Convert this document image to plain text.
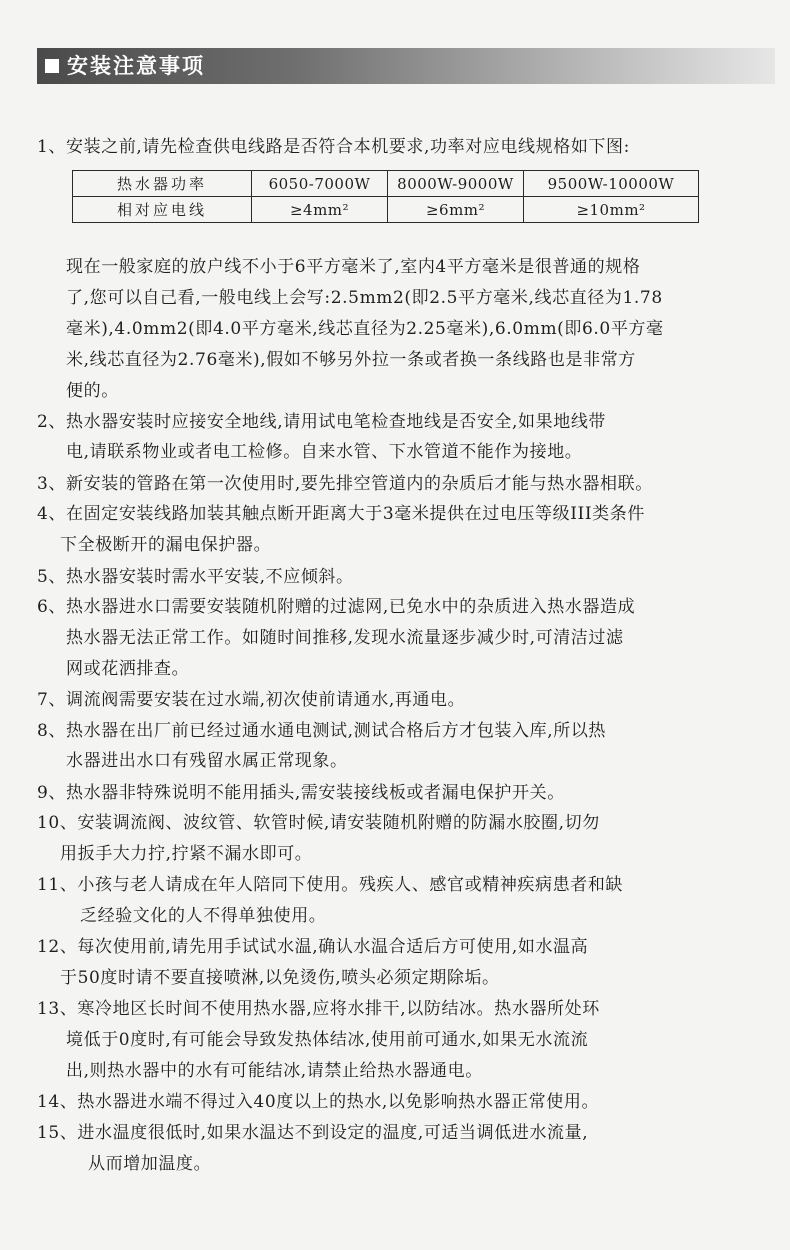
安装注意事项
1、安装之前,请先检查供电线路是否符合本机要求,功率对应电线规格如下图:
热水器功率	6050-7000W	8000W-9000W	9500W-10000W
相对应电线	≥4mm²	≥6mm²	≥10mm²
现在一般家庭的放户线不小于6平方毫米了,室内4平方毫米是很普通的规格
了,您可以自己看,一般电线上会写:2.5mm2(即2.5平方毫米,线芯直径为1.78
毫米),4.0mm2(即4.0平方毫米,线芯直径为2.25毫米),6.0mm(即6.0平方毫
米,线芯直径为2.76毫米),假如不够另外拉一条或者换一条线路也是非常方
便的。
2、热水器安装时应接安全地线,请用试电笔检查地线是否安全,如果地线带
电,请联系物业或者电工检修。自来水管、下水管道不能作为接地。
3、新安装的管路在第一次使用时,要先排空管道内的杂质后才能与热水器相联。
4、在固定安装线路加装其触点断开距离大于3毫米提供在过电压等级III类条件
下全极断开的漏电保护器。
5、热水器安装时需水平安装,不应倾斜。
6、热水器进水口需要安装随机附赠的过滤网,已免水中的杂质进入热水器造成
热水器无法正常工作。如随时间推移,发现水流量逐步减少时,可清洁过滤
网或花洒排查。
7、调流阀需要安装在过水端,初次使前请通水,再通电。
8、热水器在出厂前已经过通水通电测试,测试合格后方才包装入库,所以热
水器进出水口有残留水属正常现象。
9、热水器非特殊说明不能用插头,需安装接线板或者漏电保护开关。
10、安装调流阀、波纹管、软管时候,请安装随机附赠的防漏水胶圈,切勿
用扳手大力拧,拧紧不漏水即可。
11、小孩与老人请成在年人陪同下使用。残疾人、感官或精神疾病患者和缺
乏经验文化的人不得单独使用。
12、每次使用前,请先用手试试水温,确认水温合适后方可使用,如水温高
于50度时请不要直接喷淋,以免烫伤,喷头必须定期除垢。
13、寒冷地区长时间不使用热水器,应将水排干,以防结冰。热水器所处环
境低于0度时,有可能会导致发热体结冰,使用前可通水,如果无水流流
出,则热水器中的水有可能结冰,请禁止给热水器通电。
14、热水器进水端不得过入40度以上的热水,以免影响热水器正常使用。
15、进水温度很低时,如果水温达不到设定的温度,可适当调低进水流量,
从而增加温度。
